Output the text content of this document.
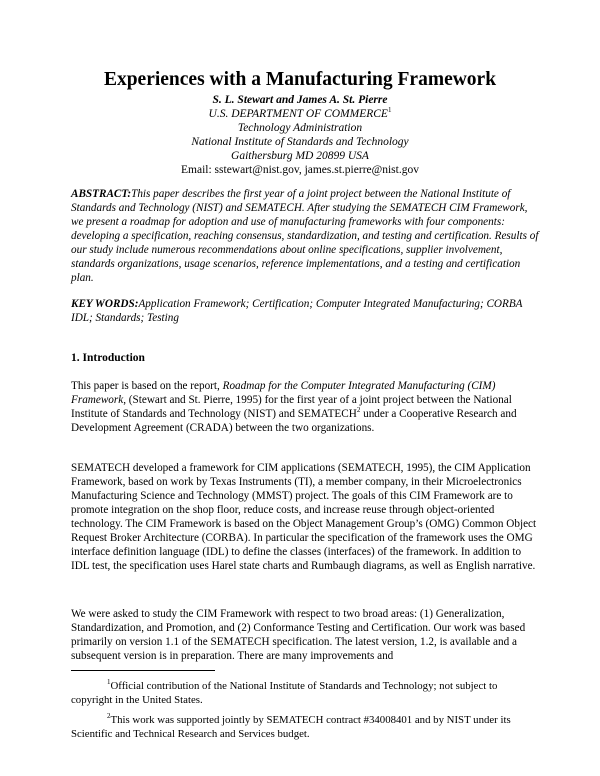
Experiences with a Manufacturing Framework
S. L. Stewart and James A. St. Pierre
U.S. DEPARTMENT OF COMMERCE$^1$
Technology Administration
National Institute of Standards and Technology
Gaithersburg MD 20899 USA
Email: sstewart@nist.gov, james.st.pierre@nist.gov
ABSTRACT:This paper describes the first year of a joint project between the National Institute of Standards and Technology (NIST) and SEMATECH. After studying the SEMATECH CIM Framework, we present a roadmap for adoption and use of manufacturing frameworks with four components: developing a specification, reaching consensus, standardization, and testing and certification. Results of our study include numerous recommendations about online specifications, supplier involvement, standards organizations, usage scenarios, reference implementations, and a testing and certification plan.
KEY WORDS:Application Framework; Certification; Computer Integrated Manufacturing; CORBA IDL; Standards; Testing
1. Introduction
This paper is based on the report, Roadmap for the Computer Integrated Manufacturing (CIM) Framework, (Stewart and St. Pierre, 1995) for the first year of a joint project between the National Institute of Standards and Technology (NIST) and SEMATECH$^2$ under a Cooperative Research and Development Agreement (CRADA) between the two organizations.
SEMATECH developed a framework for CIM applications (SEMATECH, 1995), the CIM Application Framework, based on work by Texas Instruments (TI), a member company, in their Microelectronics Manufacturing Science and Technology (MMST) project. The goals of this CIM Framework are to promote integration on the shop floor, reduce costs, and increase reuse through object-oriented technology. The CIM Framework is based on the Object Management Group’s (OMG) Common Object Request Broker Architecture (CORBA). In particular the specification of the framework uses the OMG interface definition language (IDL) to define the classes (interfaces) of the framework. In addition to IDL test, the specification uses Harel state charts and Rumbaugh diagrams, as well as English narrative.
We were asked to study the CIM Framework with respect to two broad areas: (1) Generalization, Standardization, and Promotion, and (2) Conformance Testing and Certification. Our work was based primarily on version 1.1 of the SEMATECH specification. The latest version, 1.2, is available and a subsequent version is in preparation. There are many improvements and
$^1$Official contribution of the National Institute of Standards and Technology; not subject to copyright in the United States.
$^2$This work was supported jointly by SEMATECH contract #34008401 and by NIST under its Scientific and Technical Research and Services budget.
